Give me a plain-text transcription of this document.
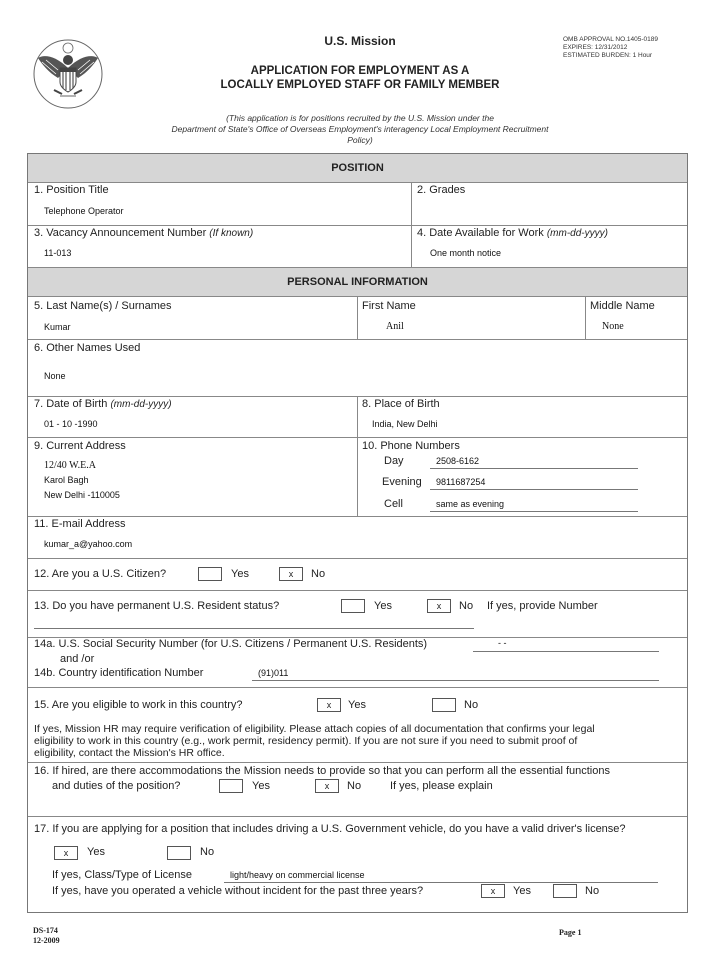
U.S. Mission
APPLICATION FOR EMPLOYMENT AS A
LOCALLY EMPLOYED STAFF OR FAMILY MEMBER
OMB APPROVAL NO.1405-0189
EXPIRES: 12/31/2012
ESTIMATED BURDEN: 1 Hour
(This application is for positions recruited by the U.S. Mission under the
Department of State's Office of Overseas Employment's interagency Local Employment Recruitment
Policy)
POSITION
1. Position Title
Telephone Operator
2. Grades
3. Vacancy Announcement Number (If known)
11-013
4. Date Available for Work (mm-dd-yyyy)
One month notice
PERSONAL INFORMATION
5. Last Name(s) / Surnames
Kumar
First Name
Anil
Middle Name
None
6. Other Names Used
None
7. Date of Birth (mm-dd-yyyy)
01 - 10 -1990
8. Place of Birth
India, New Delhi
9. Current Address
12/40 W.E.A
Karol Bagh
New Delhi -110005
10. Phone Numbers
Day	2508-6162
Evening 9811687254
Cell	same as evening
11. E-mail Address
kumar_a@yahoo.com
12. Are you a U.S. Citizen?	Yes	x	No
13. Do you have permanent U.S. Resident status?	Yes	x	No If yes, provide Number
14a. U.S. Social Security Number (for U.S. Citizens / Permanent U.S. Residents)	- -
and /or
14b. Country identification Number	(91)011
15. Are you eligible to work in this country?	x	Yes	No
If yes, Mission HR may require verification of eligibility. Please attach copies of all documentation that confirms your legal
eligibility to work in this country (e.g., work permit, residency permit). If you are not sure if you need to submit proof of
eligibility, contact the Mission's HR office.
16. If hired, are there accommodations the Mission needs to provide so that you can perform all the essential functions
and duties of the position?	Yes	x	No	If yes, please explain
17. If you are applying for a position that includes driving a U.S. Government vehicle, do you have a valid driver's license?
x	Yes	No
If yes, Class/Type of License	light/heavy on commercial license
If yes, have you operated a vehicle without incident for the past three years?	x	Yes	No
DS-174
12-2009
Page 1
